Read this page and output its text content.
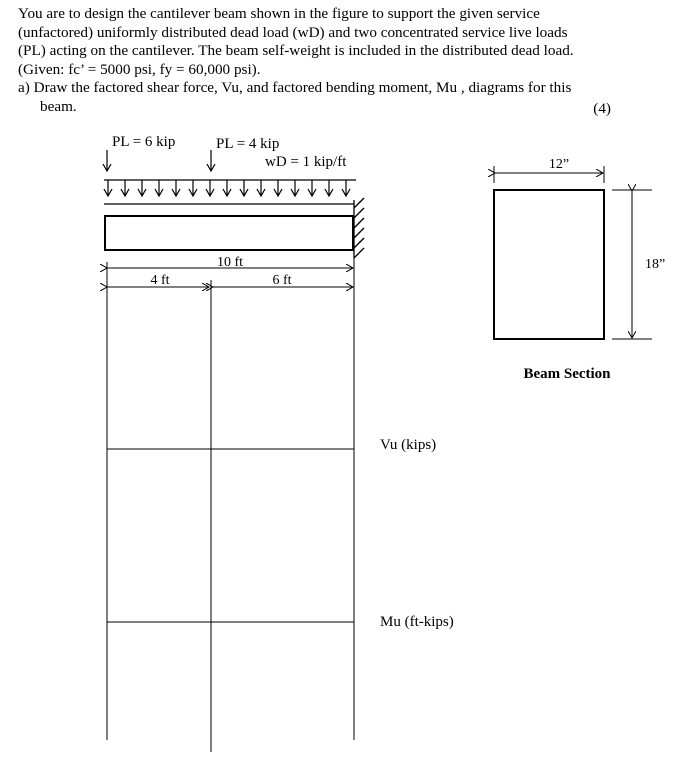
You are to design the cantilever beam shown in the figure to support the given service

(unfactored) uniformly distributed dead load (wD) and two concentrated service live loads

(PL) acting on the cantilever. The beam self-weight is included in the distributed dead load.

(Given: fc’ = 5000 psi, fy = 60,000 psi).

a) Draw the factored shear force, Vu, and factored bending moment, Mu , diagrams for this

beam.	(4)
PL = 6 kip	PL = 4 kip
wD = 1 kip/ft
10 ft
4 ft	6 ft
Vu (kips)
Mu (ft-kips)
12”
18”
Beam Section
